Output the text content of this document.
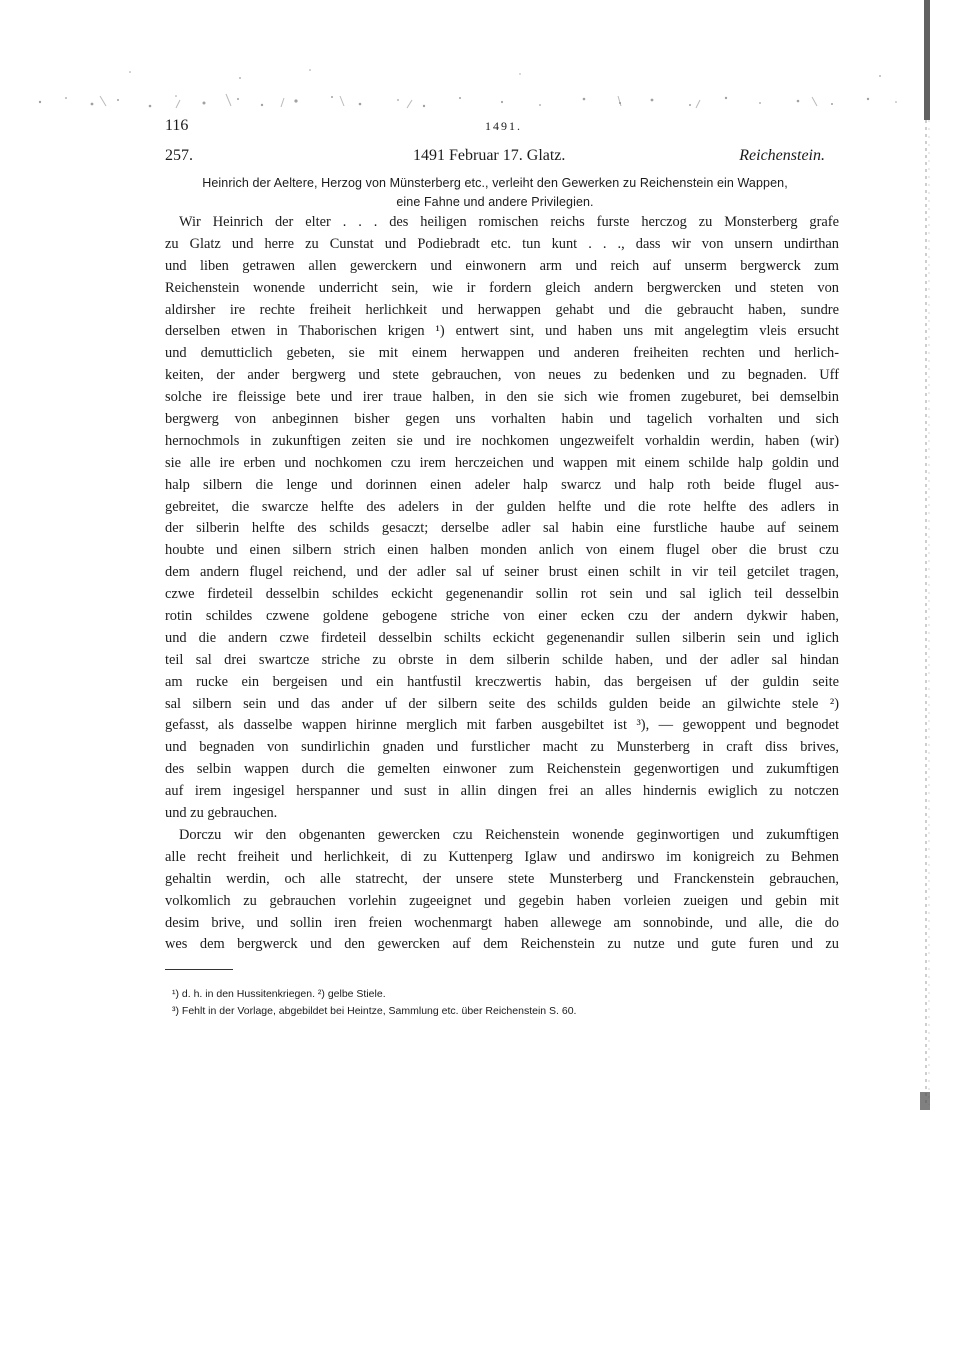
116	1491.
257.	1491 Februar 17. Glatz.	Reichenstein.
Heinrich der Aeltere, Herzog von Münsterberg etc., verleiht den Gewerken zu Reichenstein ein Wappen,
eine Fahne und andere Privilegien.
Wir Heinrich der elter . . . des heiligen romischen reichs furste herczog zu Monsterberg grafe
zu Glatz und herre zu Cunstat und Podiebradt etc. tun kunt . . ., dass wir von unsern undirthan
und liben getrawen allen gewerckern und einwonern arm und reich auf unserm bergwerck zum
Reichenstein wonende underricht sein, wie ir fordern gleich andern bergwercken und steten von
aldirsher ire rechte freiheit herlichkeit und herwappen gehabt und die gebraucht haben, sundre
derselben etwen in Thaborischen krigen ¹) entwert sint, und haben uns mit angelegtim vleis ersucht
und demutticlich gebeten, sie mit einem herwappen und anderen freiheiten rechten und herlich-
keiten, der ander bergwerg und stete gebrauchen, von neues zu bedenken und zu begnaden. Uff
solche ire fleissige bete und irer traue halben, in den sie sich wie fromen zugeburet, bei demselbin
bergwerg von anbeginnen bisher gegen uns vorhalten habin und tagelich vorhalten und sich
hernochmols in zukunftigen zeiten sie und ire nochkomen ungezweifelt vorhaldin werdin, haben (wir)
sie alle ire erben und nochkomen czu irem herczeichen und wappen mit einem schilde halp goldin und
halp silbern die lenge und dorinnen einen adeler halp swarcz und halp roth beide flugel aus-
gebreitet, die swarcze helfte des adelers in der gulden helfte und die rote helfte des adlers in
der silberin helfte des schilds gesaczt; derselbe adler sal habin eine furstliche haube auf seinem
houbte und einen silbern strich einen halben monden anlich von einem flugel ober die brust czu
dem andern flugel reichend, und der adler sal uf seiner brust einen schilt in vir teil getcilet tragen,
czwe firdeteil desselbin schildes eckicht gegenenandir sollin rot sein und sal iglich teil desselbin
rotin schildes czwene goldene gebogene striche von einer ecken czu der andern dykwir haben,
und die andern czwe firdeteil desselbin schilts eckicht gegenenandir sullen silberin sein und iglich
teil sal drei swartcze striche zu obrste in dem silberin schilde haben, und der adler sal hindan
am rucke ein bergeisen und ein hantfustil kreczwertis habin, das bergeisen uf der guldin seite
sal silbern sein und das ander uf der silbern seite des schilds gulden beide an gilwichte stele ²)
gefasst, als dasselbe wappen hirinne merglich mit farben ausgebiltet ist ³), — gewoppent und begnodet
und begnaden von sundirlichin gnaden und furstlicher macht zu Munsterberg in craft diss brives,
des selbin wappen durch die gemelten einwoner zum Reichenstein gegenwortigen und zukumftigen
auf irem ingesigel herspanner und sust in allin dingen frei an alles hindernis ewiglich zu notczen
und zu gebrauchen.
Dorczu wir den obgenanten gewercken czu Reichenstein wonende geginwortigen und zukumftigen
alle recht freiheit und herlichkeit, di zu Kuttenperg Iglaw und andirswo im konigreich zu Behmen
gehaltin werdin, och alle statrecht, der unsere stete Munsterberg und Franckenstein gebrauchen,
volkomlich zu gebrauchen vorlehin zugeeignet und gegebin haben vorleien zueigen und gebin mit
desim brive, und sollin iren freien wochenmargt haben allewege am sonnobinde, und alle, die do
wes dem bergwerck und den gewercken auf dem Reichenstein zu nutze und gute furen und zu
¹) d. h. in den Hussitenkriegen. ²) gelbe Stiele.
³) Fehlt in der Vorlage, abgebildet bei Heintze, Sammlung etc. über Reichenstein S. 60.
